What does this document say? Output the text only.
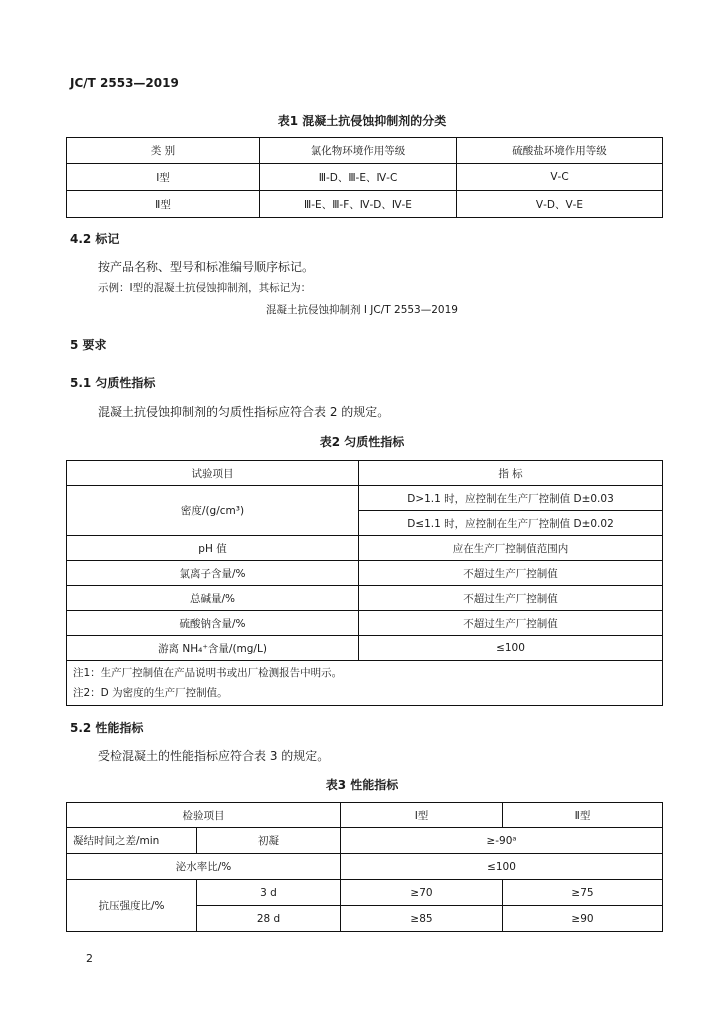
JC/T 2553—2019
表1 混凝土抗侵蚀抑制剂的分类
类 别	氯化物环境作用等级	硫酸盐环境作用等级
Ⅰ型	Ⅲ-D、Ⅲ-E、Ⅳ-C	Ⅴ-C
Ⅱ型	Ⅲ-E、Ⅲ-F、Ⅳ-D、Ⅳ-E	Ⅴ-D、Ⅴ-E
4.2 标记
按产品名称、型号和标准编号顺序标记。
示例：Ⅰ型的混凝土抗侵蚀抑制剂，其标记为：
混凝土抗侵蚀抑制剂 Ⅰ JC/T 2553—2019
5 要求
5.1 匀质性指标
混凝土抗侵蚀抑制剂的匀质性指标应符合表 2 的规定。
表2 匀质性指标
试验项目	指 标
密度/(g/cm³)	D>1.1 时，应控制在生产厂控制值 D±0.03
	D≤1.1 时，应控制在生产厂控制值 D±0.02
pH 值	应在生产厂控制值范围内
氯离子含量/%	不超过生产厂控制值
总碱量/%	不超过生产厂控制值
硫酸钠含量/%	不超过生产厂控制值
游离 NH₄⁺含量/(mg/L)	≤100

注1：生产厂控制值在产品说明书或出厂检测报告中明示。
注2：D 为密度的生产厂控制值。	
5.2 性能指标
受检混凝土的性能指标应符合表 3 的规定。
表3 性能指标
检验项目		Ⅰ型	Ⅱ型
凝结时间之差/min	初凝	≥-90ᵃ	
泌水率比/%		≤100	
抗压强度比/%	3 d	≥70	≥75
	28 d	≥85	≥90
2
